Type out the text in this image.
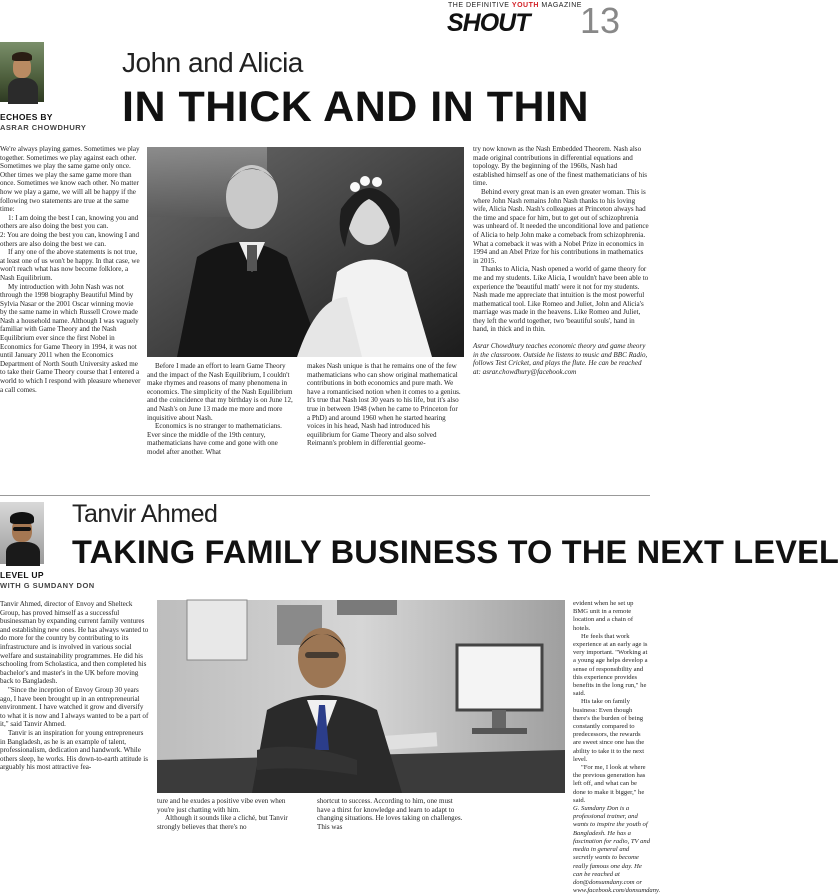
THE DEFINITIVE YOUTH MAGAZINE
SHOUT 13
ECHOES BY
ASRAR CHOWDHURY
John and Alicia
IN THICK AND IN THIN

We're always playing games. Sometimes we play together. Sometimes we play against each other. Sometimes we play the same game only once. Other times we play the same game more than once. Sometimes we know each other. No matter how we play a game, we will all be happy if the following two statements are true at the same time:

1: I am doing the best I can, knowing you and others are also doing the best you can.

2: You are doing the best you can, knowing I and others are also doing the best we can.

If any one of the above statements is not true, at least one of us won't be happy. In that case, we won't reach what has now become folklore, a Nash Equilibrium.

My introduction with John Nash was not through the 1998 biography Beautiful Mind by Sylvia Nasar or the 2001 Oscar winning movie by the same name in which Russell Crowe made Nash a household name. Although I was vaguely familiar with Game Theory and the Nash Equilibrium ever since the first Nobel in Economics for Game Theory in 1994, it was not until January 2011 when the Economics Department of North South University asked me to take their Game Theory course that I entered a world to which I respond with pleasure whenever a call comes.

Before I made an effort to learn Game Theory and the impact of the Nash Equilibrium, I couldn't make rhymes and reasons of many phenomena in economics. The simplicity of the Nash Equilibrium and the coincidence that my birthday is on June 12, and Nash's on June 13 made me more and more inquisitive about Nash.

Economics is no stranger to mathematicians. Ever since the middle of the 19th century, mathematicians have come and gone with one model after another. What

makes Nash unique is that he remains one of the few mathematicians who can show original mathematical contributions in both economics and pure math. We have a romanticised notion when it comes to a genius. It's true that Nash lost 30 years to his life, but it's also true in between 1948 (when he came to Princeton for a PhD) and around 1960 when he started hearing voices in his head, Nash had introduced his equilibrium for Game Theory and also solved Reimann's problem in differential geome-

try now known as the Nash Embedded Theorem. Nash also made original contributions in differential equations and topology. By the beginning of the 1960s, Nash had established himself as one of the finest mathematicians of his time.

Behind every great man is an even greater woman. This is where John Nash remains John Nash thanks to his loving wife, Alicia Nash. Nash's colleagues at Princeton always had the time and space for him, but to get out of schizophrenia was unheard of. It needed the unconditional love and patience of Alicia to help John make a comeback from schizophrenia. What a comeback it was with a Nobel Prize in economics in 1994 and an Abel Prize for his contributions in mathematics in 2015.

Thanks to Alicia, Nash opened a world of game theory for me and my students. Like Alicia, I wouldn't have been able to experience the 'beautiful math' were it not for my students. Nash made me appreciate that intuition is the most powerful mathematical tool. Like Romeo and Juliet, John and Alicia's marriage was made in the heavens. Like Romeo and Juliet, they left the world together, two 'beautiful souls', hand in hand, in thick and in thin.

Asrar Chowdhury teaches economic theory and game theory in the classroom. Outside he listens to music and BBC Radio, follows Test Cricket, and plays the flute. He can be reached at: asrar.chowdhury@facebook.com

LEVEL UP
WITH G SUMDANY DON
Tanvir Ahmed
TAKING FAMILY BUSINESS TO THE NEXT LEVEL

Tanvir Ahmed, director of Envoy and Shelteck Group, has proved himself as a successful businessman by expanding current family ventures and establishing new ones. He has always wanted to do more for the country by contributing to its infrastructure and is involved in various social welfare and sustainability programmes. He did his schooling from Scholastica, and then completed his bachelor's and master's in the UK before moving back to Bangladesh.

"Since the inception of Envoy Group 30 years ago, I have been brought up in an entrepreneurial environment. I have watched it grow and diversify to what it is now and I always wanted to be a part of it," said Tanvir Ahmed.

Tanvir is an inspiration for young entrepreneurs in Bangladesh, as he is an example of talent, professionalism, dedication and handwork. While others sleep, he works. His down-to-earth attitude is arguably his most attractive fea-

ture and he exudes a positive vibe even when you're just chatting with him.

Although it sounds like a cliché, but Tanvir strongly believes that there's no

shortcut to success. According to him, one must have a thirst for knowledge and learn to adapt to changing situations. He loves taking on challenges. This was

evident when he set up BMG unit in a remote location and a chain of hotels.

He feels that work experience at an early age is very important. "Working at a young age helps develop a sense of responsibility and this experience provides benefits in the long run," he said.

His take on family business: Even though there's the burden of being constantly compared to predecessors, the rewards are sweet since one has the ability to take it to the next level.

"For me, I look at where the previous generation has left off, and what can be done to make it bigger," he said.

G. Sumdany Don is a professional trainer, and wants to inspire the youth of Bangladesh. He has a fascination for radio, TV and media in general and secretly wants to become really famous one day. He can be reached at don@donsumdany.com or www.facebook.com/donsumdany.
